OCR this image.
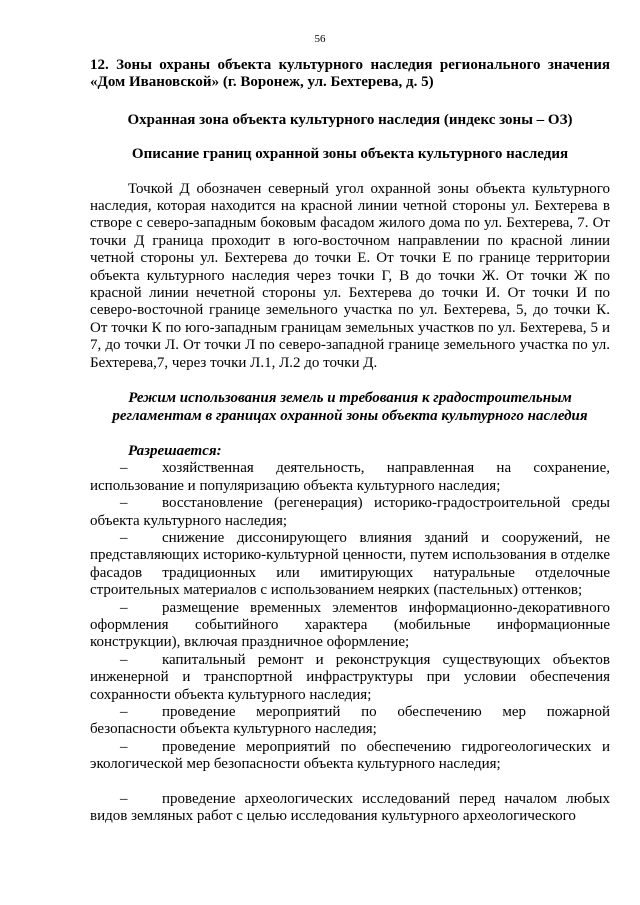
56

12. Зоны охраны объекта культурного наследия регионального значения «Дом Ивановской» (г. Воронеж, ул. Бехтерева, д. 5)

Охранная зона объекта культурного наследия (индекс зоны – ОЗ)

Описание границ охранной зоны объекта культурного наследия

Точкой Д обозначен северный угол охранной зоны объекта культурного наследия, которая находится на красной линии четной стороны ул. Бехтерева в створе с северо-западным боковым фасадом жилого дома по ул. Бехтерева, 7. От точки Д граница проходит в юго-восточном направлении по красной линии четной стороны ул. Бехтерева до точки Е. От точки Е по границе территории объекта культурного наследия через точки Г, В до точки Ж. От точки Ж по красной линии нечетной стороны ул. Бехтерева до точки И. От точки И по северо-восточной границе земельного участка по ул. Бехтерева, 5, до точки К. От точки К по юго-западным границам земельных участков по ул. Бехтерева, 5 и 7, до точки Л. От точки Л по северо-западной границе земельного участка по ул. Бехтерева,7, через точки Л.1, Л.2 до точки Д.

Режим использования земель и требования к градостроительным регламентам в границах охранной зоны объекта культурного наследия

Разрешается:

– хозяйственная деятельность, направленная на сохранение, использование и популяризацию объекта культурного наследия;

– восстановление (регенерация) историко-градостроительной среды объекта культурного наследия;

– снижение диссонирующего влияния зданий и сооружений, не представляющих историко-культурной ценности, путем использования в отделке фасадов традиционных или имитирующих натуральные отделочные строительных материалов с использованием неярких (пастельных) оттенков;

– размещение временных элементов информационно-декоративного оформления событийного характера (мобильные информационные конструкции), включая праздничное оформление;

– капитальный ремонт и реконструкция существующих объектов инженерной и транспортной инфраструктуры при условии обеспечения сохранности объекта культурного наследия;

– проведение мероприятий по обеспечению мер пожарной безопасности объекта культурного наследия;

– проведение мероприятий по обеспечению гидрогеологических и экологической мер безопасности объекта культурного наследия;

– проведение археологических исследований перед началом любых видов земляных работ с целью исследования культурного археологического
